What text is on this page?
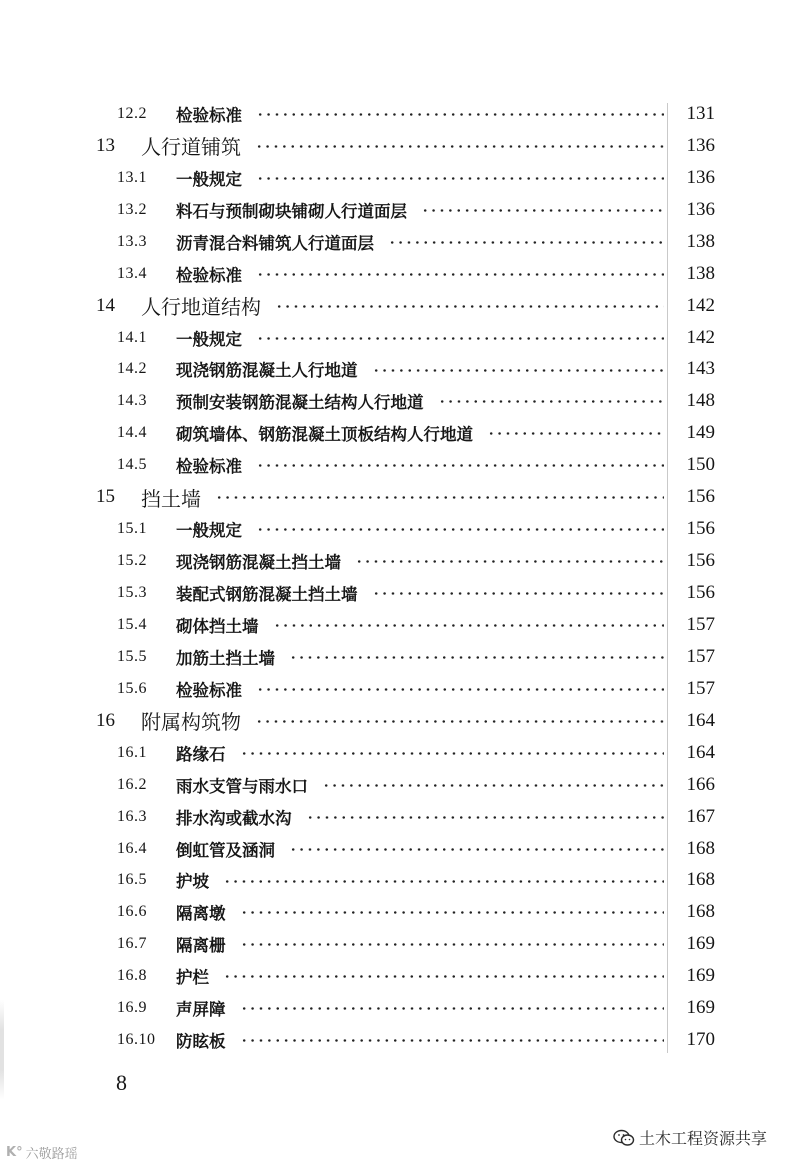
12.2 检验标准	131
13 人行道铺筑	136
13.1 一般规定	136
13.2 料石与预制砌块铺砌人行道面层	136
13.3 沥青混合料铺筑人行道面层	138
13.4 检验标准	138
14 人行地道结构	142
14.1 一般规定	142
14.2 现浇钢筋混凝土人行地道	143
14.3 预制安装钢筋混凝土结构人行地道	148
14.4 砌筑墙体、钢筋混凝土顶板结构人行地道	149
14.5 检验标准	150
15 挡土墙	156
15.1 一般规定	156
15.2 现浇钢筋混凝土挡土墙	156
15.3 装配式钢筋混凝土挡土墙	156
15.4 砌体挡土墙	157
15.5 加筋土挡土墙	157
15.6 检验标准	157
16 附属构筑物	164
16.1 路缘石	164
16.2 雨水支管与雨水口	166
16.3 排水沟或截水沟	167
16.4 倒虹管及涵洞	168
16.5 护坡	168
16.6 隔离墩	168
16.7 隔离栅	169
16.8 护栏	169
16.9 声屏障	169
16.10 防眩板	170
8
K° 六敬路瑶
土木工程资源共享
